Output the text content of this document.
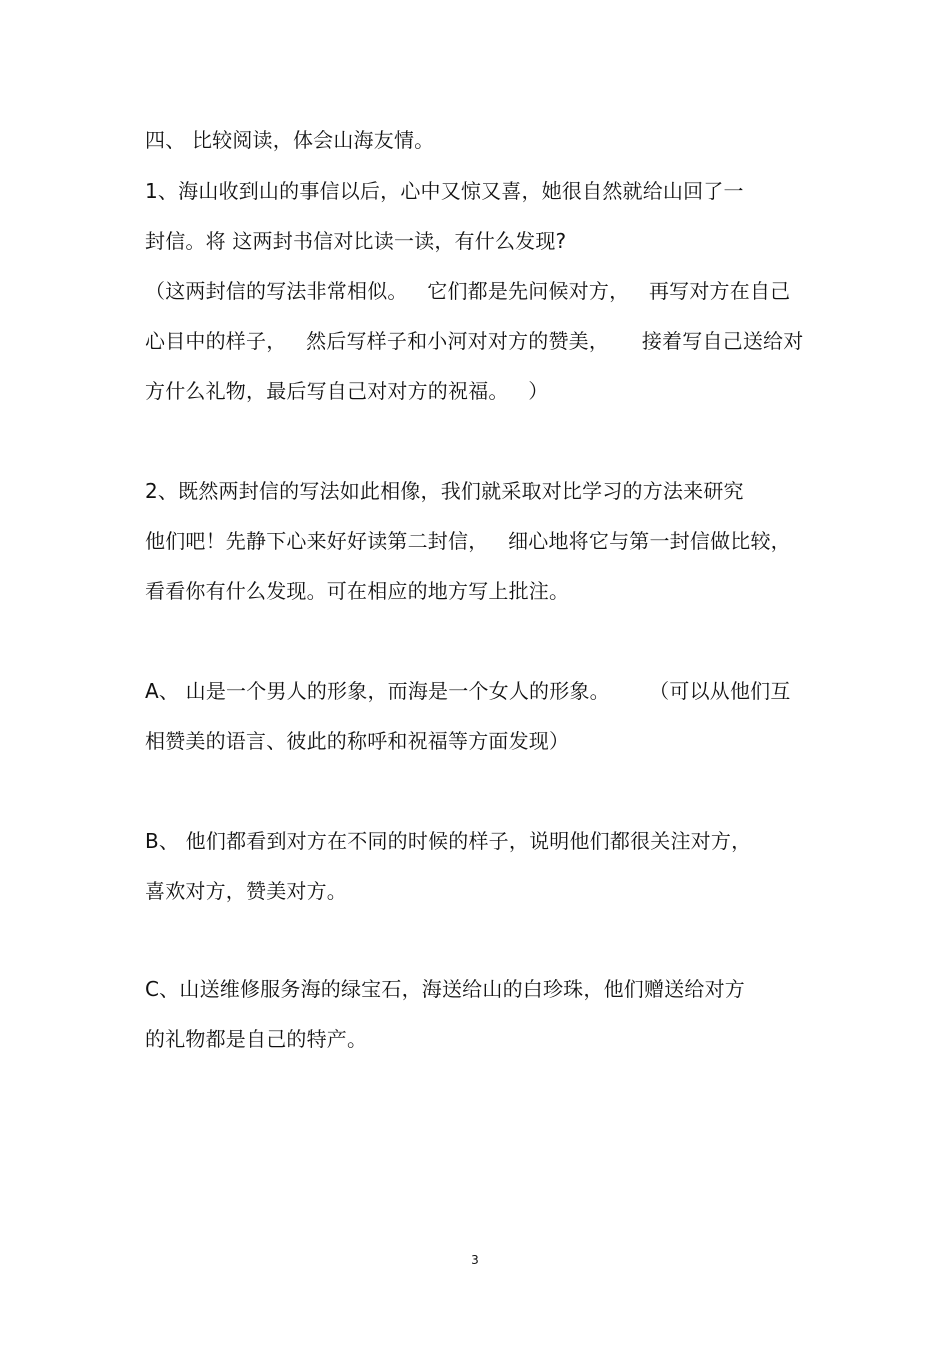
四、 比较阅读，体会山海友情。
1、海山收到山的事信以后，心中又惊又喜，她很自然就给山回了一
封信。将 这两封书信对比读一读，有什么发现?
（这两封信的写法非常相似。   它们都是先问候对方，   再写对方在自己
心目中的样子，   然后写样子和小河对对方的赞美，     接着写自己送给对
方什么礼物，最后写自己对对方的祝福。   ）
2、既然两封信的写法如此相像，我们就采取对比学习的方法来研究
他们吧！先静下心来好好读第二封信，   细心地将它与第一封信做比较，
看看你有什么发现。可在相应的地方写上批注。
A、 山是一个男人的形象，而海是一个女人的形象。      （可以从他们互
相赞美的语言、彼此的称呼和祝福等方面发现）
B、 他们都看到对方在不同的时候的样子，说明他们都很关注对方，
喜欢对方，赞美对方。
C、山送维修服务海的绿宝石，海送给山的白珍珠，他们赠送给对方
的礼物都是自己的特产。
3
